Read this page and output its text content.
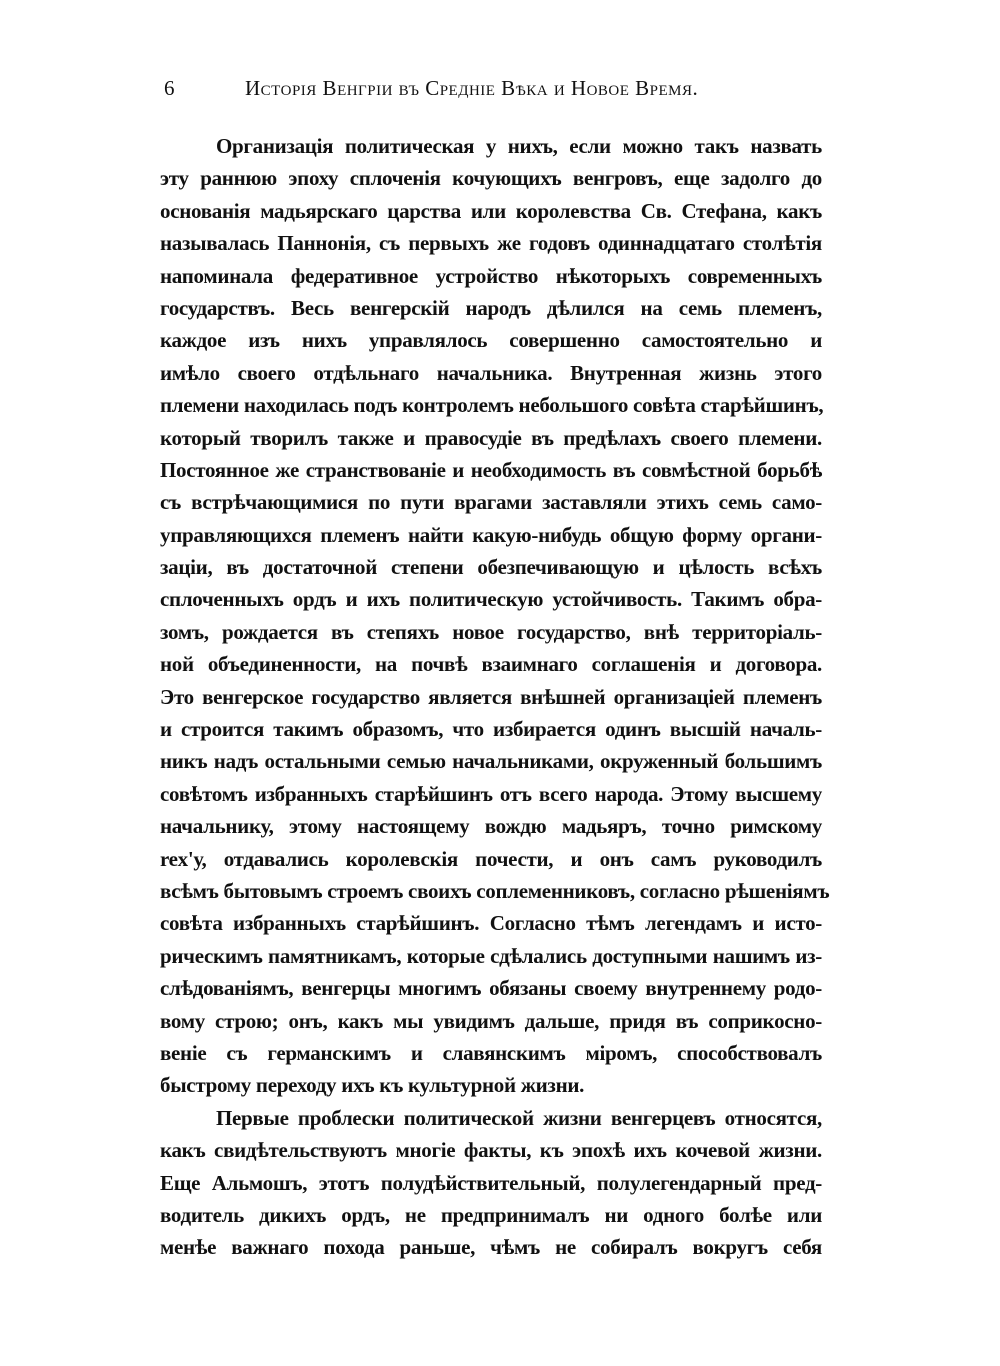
6	Исторія Венгріи въ Средніе Вѣка и Новое Время.
Организація политическая у нихъ, если можно такъ назвать
эту раннюю эпоху сплоченія кочующихъ венгровъ, еще задолго до
основанія мадьярскаго царства или королевства Св. Стефана, какъ
называлась Паннонія, съ первыхъ же годовъ одиннадцатаго столѣтія
напоминала федеративное устройство нѣкоторыхъ современныхъ
государствъ. Весь венгерскій народъ дѣлился на семь племенъ,
каждое изъ нихъ управлялось совершенно самостоятельно и
имѣло своего отдѣльнаго начальника. Внутренная жизнь этого
племени находилась подъ контролемъ небольшого совѣта старѣйшинъ,
который творилъ также и правосудіе въ предѣлахъ своего племени.
Постоянное же странствованіе и необходимость въ совмѣстной борьбѣ
съ встрѣчающимися по пути врагами заставляли этихъ семь само-
управляющихся племенъ найти какую-нибудь общую форму органи-
заціи, въ достаточной степени обезпечивающую и цѣлость всѣхъ
сплоченныхъ ордъ и ихъ политическую устойчивость. Такимъ обра-
зомъ, рождается въ степяхъ новое государство, внѣ территоріаль-
ной объединенности, на почвѣ взаимнаго соглашенія и договора.
Это венгерское государство является внѣшней организаціей племенъ
и строится такимъ образомъ, что избирается одинъ высшій началь-
никъ надъ остальными семью начальниками, окруженный большимъ
совѣтомъ избранныхъ старѣйшинъ отъ всего народа. Этому высшему
начальнику, этому настоящему вождю мадьяръ, точно римскому
rex'у, отдавались королевскія почести, и онъ самъ руководилъ
всѣмъ бытовымъ строемъ своихъ соплеменниковъ, согласно рѣшеніямъ
совѣта избранныхъ старѣйшинъ. Согласно тѣмъ легендамъ и исто-
рическимъ памятникамъ, которые сдѣлались доступными нашимъ из-
слѣдованіямъ, венгерцы многимъ обязаны своему внутреннему родо-
вому строю; онъ, какъ мы увидимъ дальше, придя въ соприкосно-
веніе съ германскимъ и славянскимъ міромъ, способствовалъ
быстрому переходу ихъ къ культурной жизни.
Первые проблески политической жизни венгерцевъ относятся,
какъ свидѣтельствуютъ многіе факты, къ эпохѣ ихъ кочевой жизни.
Еще Альмошъ, этотъ полудѣйствительный, полулегендарный пред-
водитель дикихъ ордъ, не предпринималъ ни одного болѣе или
менѣе важнаго похода раньше, чѣмъ не собиралъ вокругъ себя
